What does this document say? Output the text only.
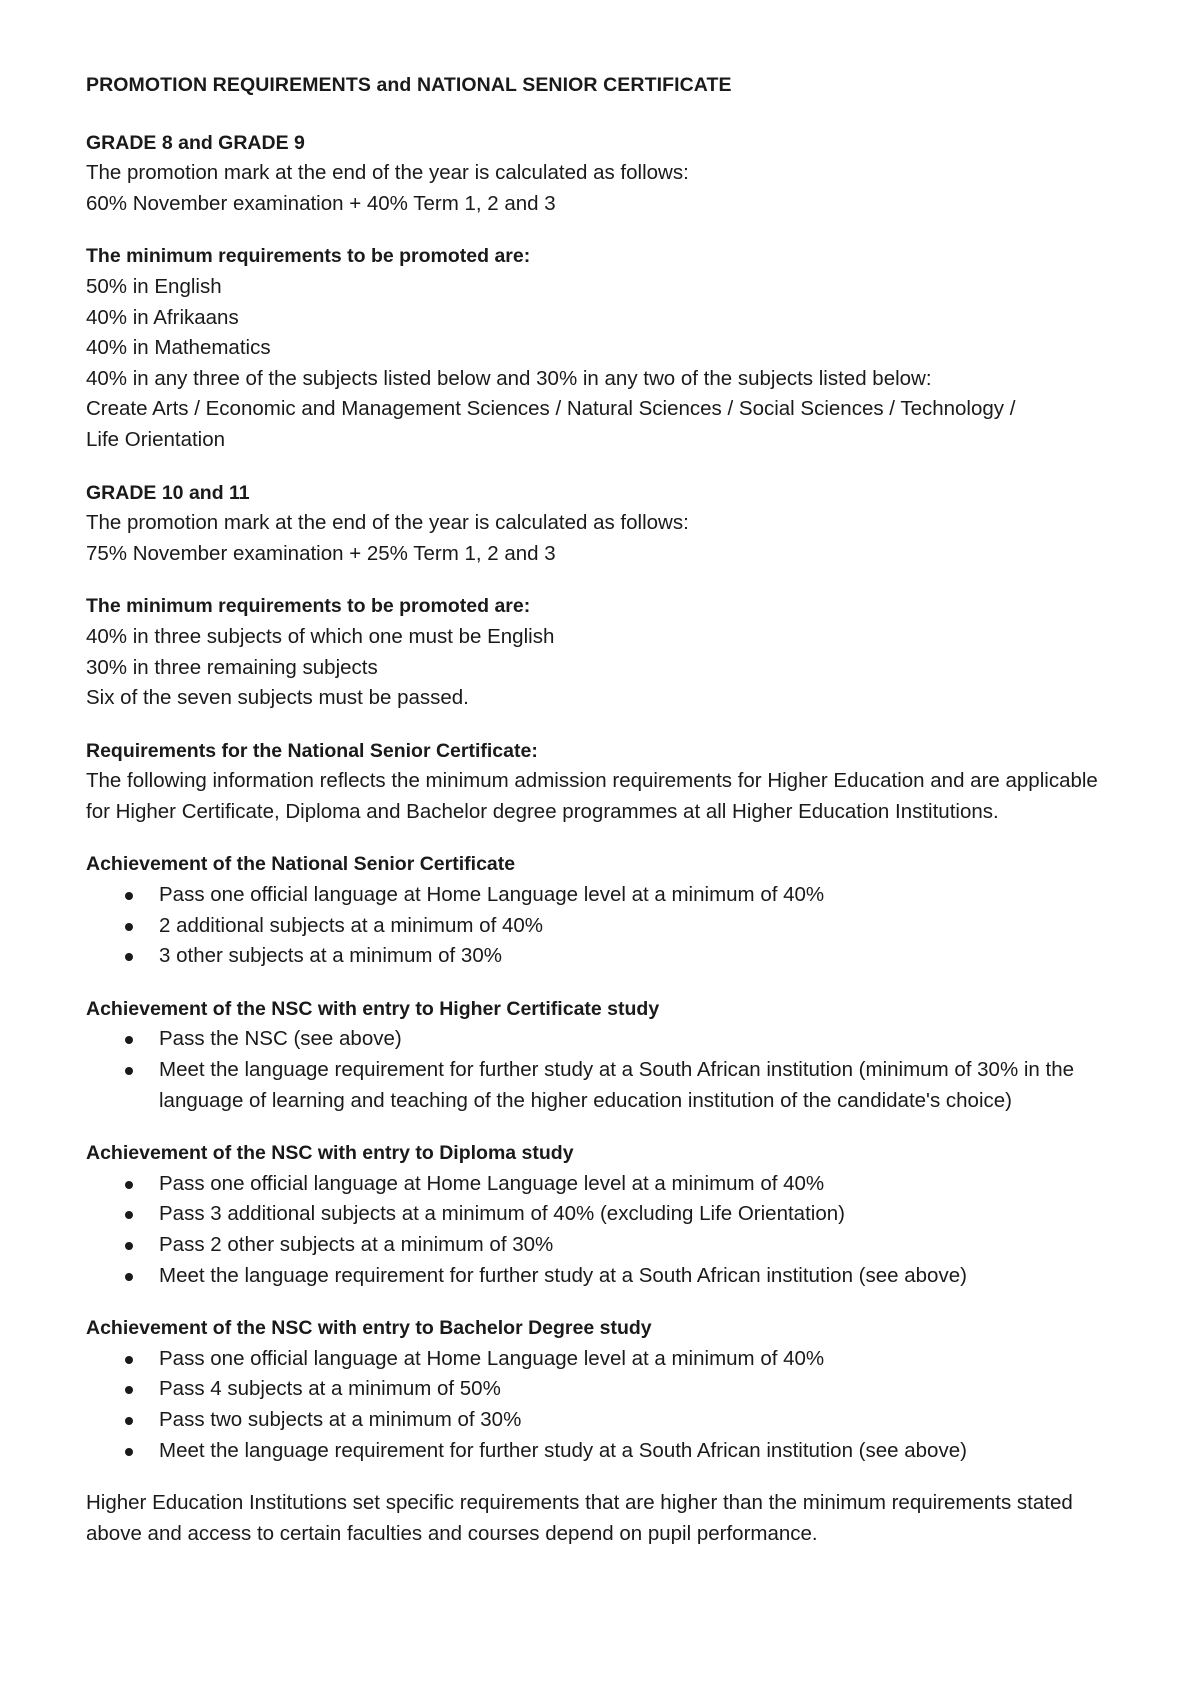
PROMOTION REQUIREMENTS and NATIONAL SENIOR CERTIFICATE
GRADE 8 and GRADE 9
The promotion mark at the end of the year is calculated as follows:
60% November examination + 40% Term 1, 2 and 3
The minimum requirements to be promoted are:
50% in English
40% in Afrikaans
40% in Mathematics
40% in any three of the subjects listed below and 30% in any two of the subjects listed below:
Create Arts / Economic and Management Sciences / Natural Sciences / Social Sciences / Technology /
Life Orientation
GRADE 10 and 11
The promotion mark at the end of the year is calculated as follows:
75% November examination + 25% Term 1, 2 and 3
The minimum requirements to be promoted are:
40% in three subjects of which one must be English
30% in three remaining subjects
Six of the seven subjects must be passed.
Requirements for the National Senior Certificate:

The following information reflects the minimum admission requirements for Higher Education and are applicable for Higher Certificate, Diploma and Bachelor degree programmes at all Higher Education Institutions.

Achievement of the National Senior Certificate
Pass one official language at Home Language level at a minimum of 40%
2 additional subjects at a minimum of 40%
3 other subjects at a minimum of 30%
Achievement of the NSC with entry to Higher Certificate study
Pass the NSC (see above)
Meet the language requirement for further study at a South African institution (minimum of 30% in the language of learning and teaching of the higher education institution of the candidate's choice)
Achievement of the NSC with entry to Diploma study
Pass one official language at Home Language level at a minimum of 40%
Pass 3 additional subjects at a minimum of 40% (excluding Life Orientation)
Pass 2 other subjects at a minimum of 30%
Meet the language requirement for further study at a South African institution (see above)
Achievement of the NSC with entry to Bachelor Degree study
Pass one official language at Home Language level at a minimum of 40%
Pass 4 subjects at a minimum of 50%
Pass two subjects at a minimum of 30%
Meet the language requirement for further study at a South African institution (see above)

Higher Education Institutions set specific requirements that are higher than the minimum requirements stated above and access to certain faculties and courses depend on pupil performance.
